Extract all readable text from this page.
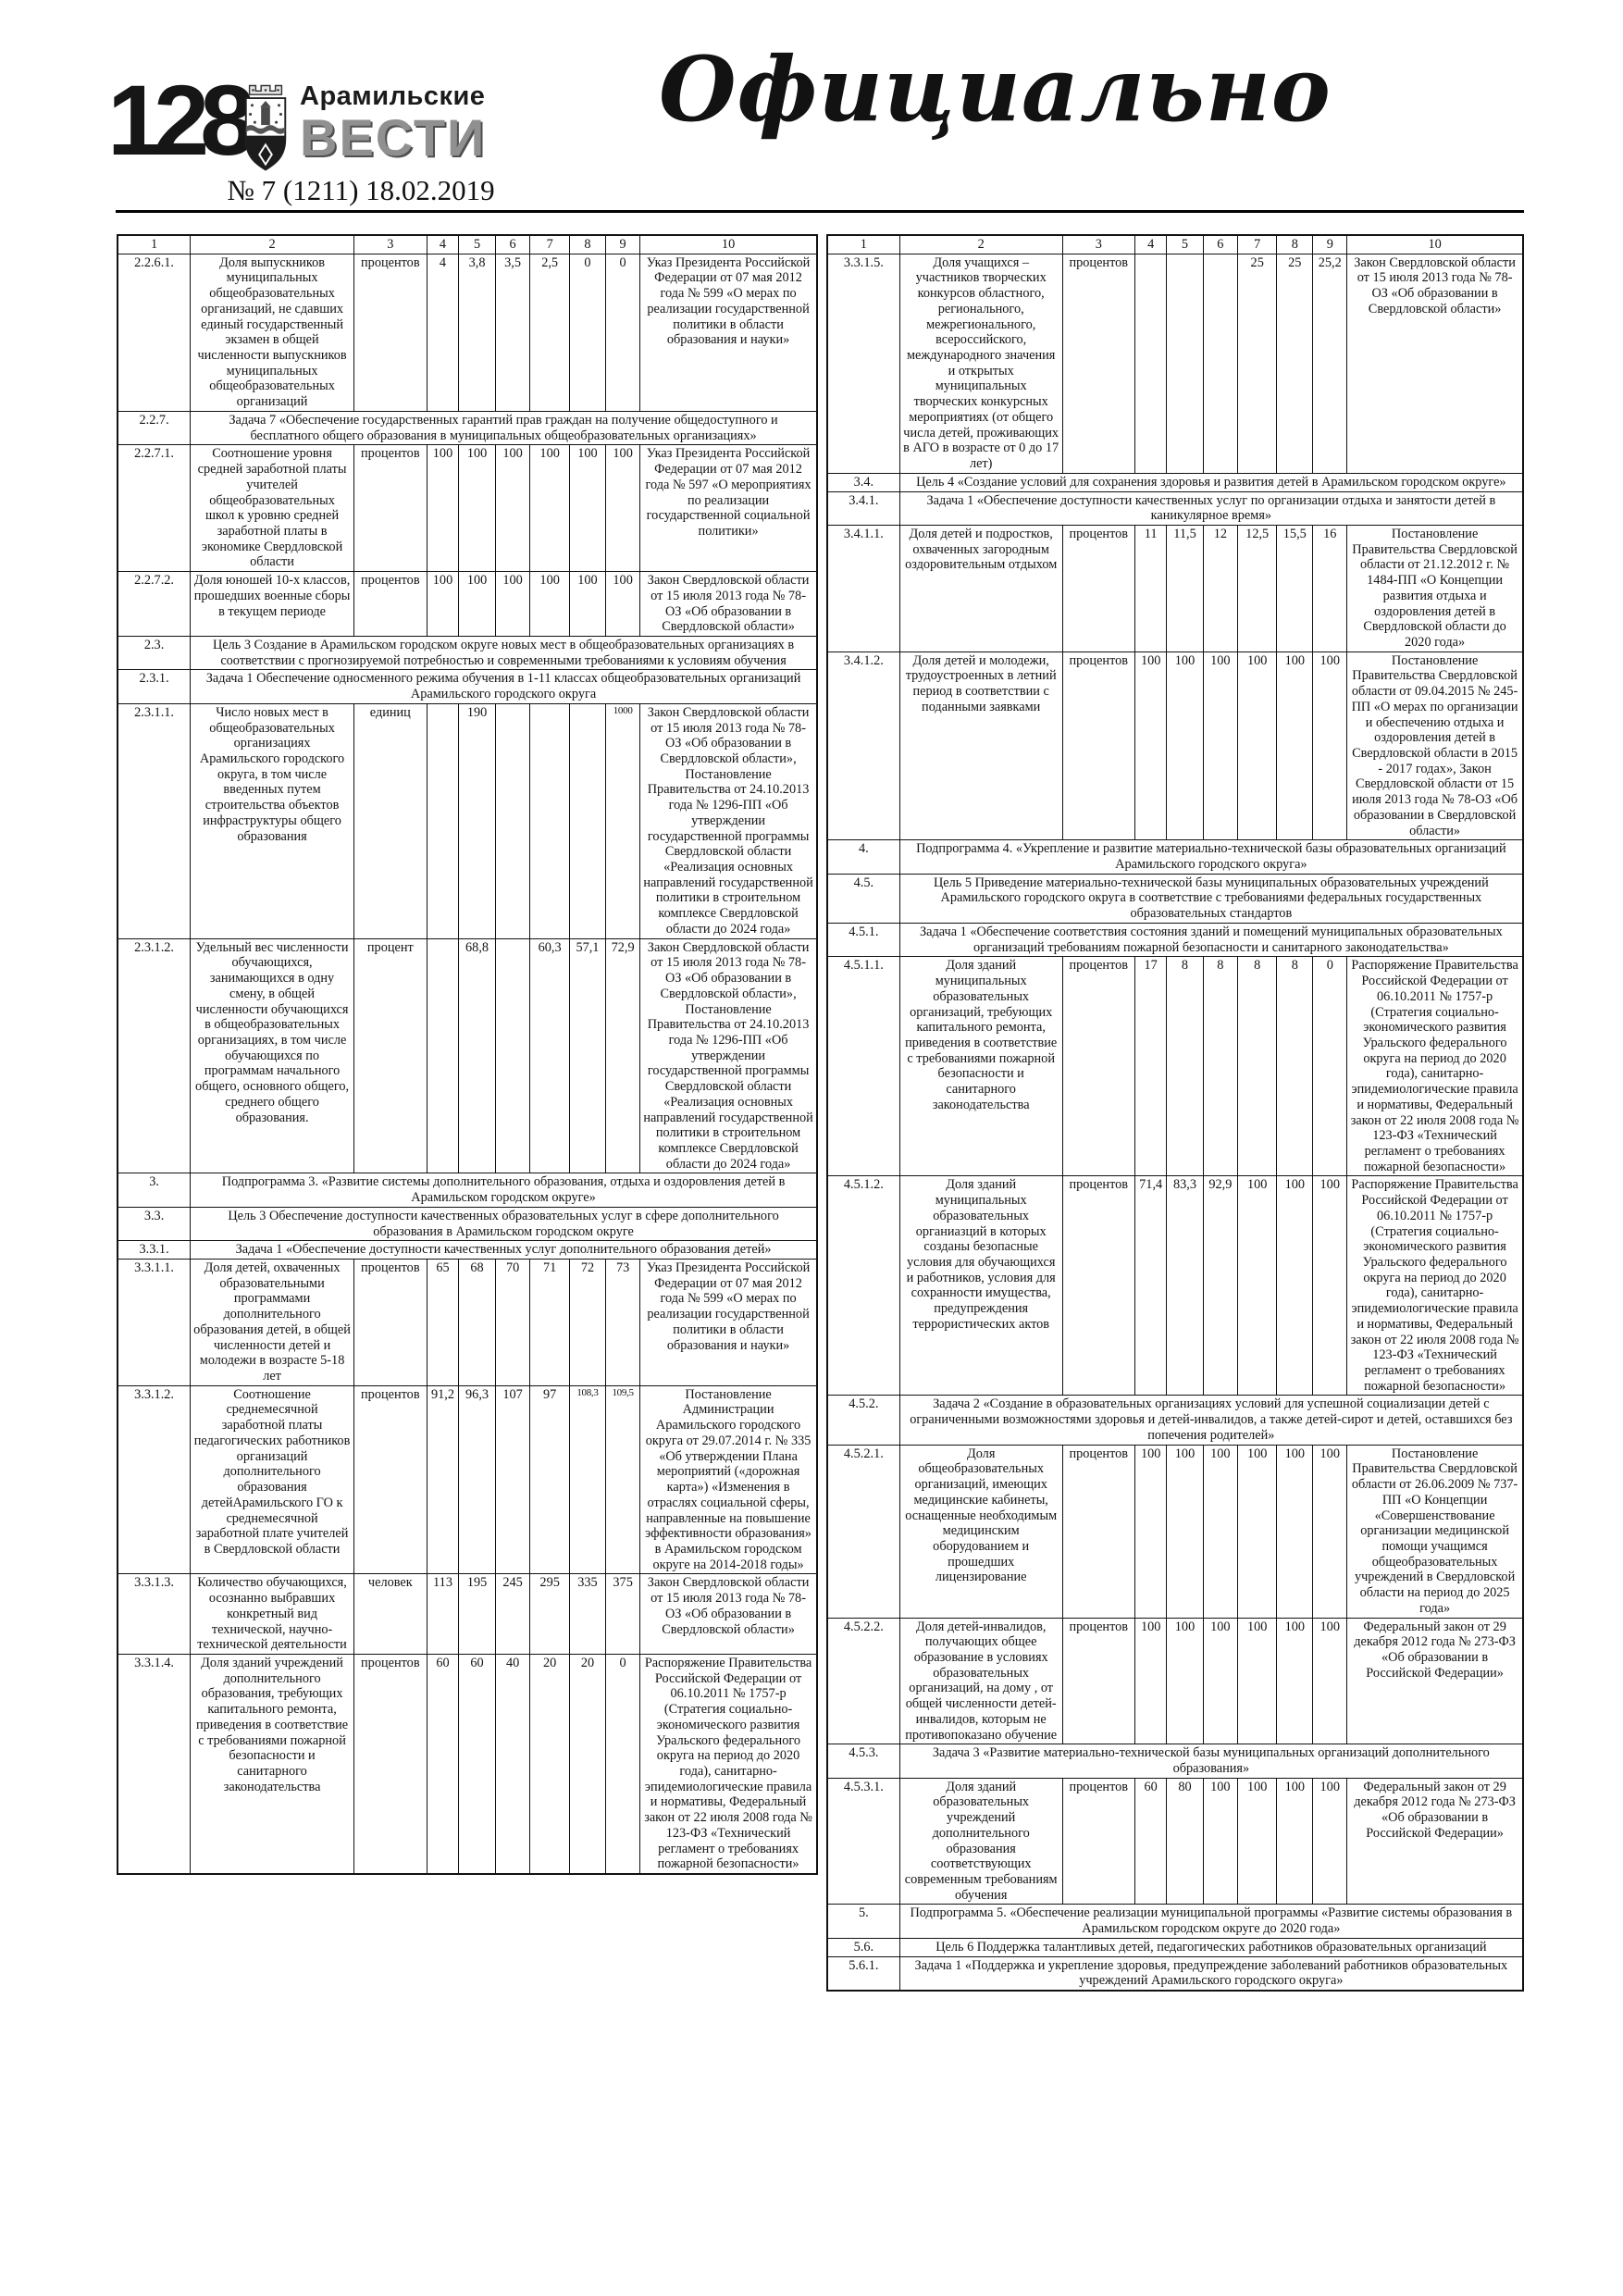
128 Арамильские
ВЕСТИ
№ 7 (1211) 18.02.2019
Официально
1	2	3	4	5	6	7	8	9	10
2.2.6.1.	Доля выпускников муниципальных общеобразовательных организаций, не сдавших единый государственный экзамен в общей численности выпускников муниципальных общеобразовательных организаций	процентов	4	3,8	3,5	2,5	0	0	Указ Президента Российской Федерации от 07 мая 2012 года № 599 «О мерах по реализации государственной политики в области образования и науки»
2.2.7.	Задача 7 «Обеспечение государственных гарантий прав граждан на получение общедоступного и бесплатного общего образования в муниципальных общеобразовательных организациях»								
2.2.7.1.	Соотношение уровня средней заработной платы учителей общеобразовательных школ к уровню средней заработной платы в экономике Свердловской области	процентов	100	100	100	100	100	100	Указ Президента Российской Федерации от 07 мая 2012 года № 597 «О мероприятиях по реализации государственной социальной политики»
2.2.7.2.	Доля юношей 10-х классов, прошедших военные сборы в текущем периоде	процентов	100	100	100	100	100	100	Закон Свердловской области от 15 июля 2013 года № 78-ОЗ «Об образовании в Свердловской области»
2.3.	Цель 3 Создание в Арамильском городском округе новых мест в общеобразовательных организациях в соответствии с прогнозируемой потребностью и современными требованиями к условиям обучения								
2.3.1.	Задача 1 Обеспечение односменного режима обучения в 1-11 классах общеобразовательных организаций Арамильского городского округа								
2.3.1.1.	Число новых мест в общеобразовательных организациях Арамильского городского округа, в том числе введенных путем строительства объектов инфраструктуры общего образования	единиц		190				1000	Закон Свердловской области от 15 июля 2013 года № 78-ОЗ «Об образовании в Свердловской области», Постановление Правительства от 24.10.2013 года № 1296-ПП «Об утверждении государственной программы Свердловской области «Реализация основных направлений государственной политики в строительном комплексе Свердловской области до 2024 года»
2.3.1.2.	Удельный вес численности обучающихся, занимающихся в одну смену, в общей численности обучающихся в общеобразовательных организациях, в том числе обучающихся по программам начального общего, основного общего, среднего общего образования.	процент		68,8		60,3	57,1	72,9	Закон Свердловской области от 15 июля 2013 года № 78-ОЗ «Об образовании в Свердловской области», Постановление Правительства от 24.10.2013 года № 1296-ПП «Об утверждении государственной программы Свердловской области «Реализация основных направлений государственной политики в строительном комплексе Свердловской области до 2024 года»
3.	Подпрограмма 3. «Развитие системы дополнительного образования, отдыха и оздоровления детей в Арамильском городском округе»								
3.3.	Цель 3 Обеспечение доступности качественных образовательных услуг в сфере дополнительного образования в Арамильском городском округе								
3.3.1.	Задача 1 «Обеспечение доступности качественных услуг дополнительного образования детей»								
3.3.1.1.	Доля детей, охваченных образовательными программами дополнительного образования детей, в общей численности детей и молодежи в возрасте 5-18 лет	процентов	65	68	70	71	72	73	Указ Президента Российской Федерации от 07 мая 2012 года № 599 «О мерах по реализации государственной политики в области образования и науки»
3.3.1.2.	Соотношение среднемесячной заработной платы педагогических работников организаций дополнительного образования детейАрамильского ГО к среднемесячной заработной плате учителей в Свердловской области	процентов	91,2	96,3	107	97	108,3	109,5	Постановление Администрации Арамильского городского округа от 29.07.2014 г. № 335 «Об утверждении Плана мероприятий («дорожная карта») «Изменения в отраслях социальной сферы, направленные на повышение эффективности образования» в Арамильском городском округе на 2014-2018 годы»
3.3.1.3.	Количество обучающихся, осознанно выбравших конкретный вид технической, научно-технической деятельности	человек	113	195	245	295	335	375	Закон Свердловской области от 15 июля 2013 года № 78-ОЗ «Об образовании в Свердловской области»
3.3.1.4.	Доля зданий учреждений дополнительного образования, требующих капитального ремонта, приведения в соответствие с требованиями пожарной безопасности и санитарного законодательства	процентов	60	60	40	20	20	0	Распоряжение Правительства Российской Федерации от 06.10.2011 № 1757-р (Стратегия социально-экономического развития Уральского федерального округа на период до 2020 года), санитарно-эпидемиологические правила и нормативы, Федеральный закон от 22 июля 2008 года № 123-ФЗ «Технический регламент о требованиях пожарной безопасности»
1	2	3	4	5	6	7	8	9	10
3.3.1.5.	Доля учащихся – участников творческих конкурсов областного, регионального, межрегионального, всероссийского, международного значения и открытых муниципальных творческих конкурсных мероприятиях (от общего числа детей, проживающих в АГО в возрасте от 0 до 17 лет)	процентов				25	25	25,2	Закон Свердловской области от 15 июля 2013 года № 78-ОЗ «Об образовании в Свердловской области»
3.4.	Цель 4 «Создание условий для сохранения здоровья и развития детей в Арамильском городском округе»								
3.4.1.	Задача 1 «Обеспечение доступности качественных услуг по организации отдыха и занятости детей в каникулярное время»								
3.4.1.1.	Доля детей и подростков, охваченных загородным оздоровительным отдыхом	процентов	11	11,5	12	12,5	15,5	16	Постановление Правительства Свердловской области от 21.12.2012 г. № 1484-ПП «О Концепции развития отдыха и оздоровления детей в Свердловской области до 2020 года»
3.4.1.2.	Доля детей и молодежи, трудоустроенных в летний период в соответствии с поданными заявками	процентов	100	100	100	100	100	100	Постановление Правительства Свердловской области от 09.04.2015 № 245-ПП «О мерах по организации и обеспечению отдыха и оздоровления детей в Свердловской области в 2015 - 2017 годах», Закон Свердловской области от 15 июля 2013 года № 78-ОЗ «Об образовании в Свердловской области»
4.	Подпрограмма 4. «Укрепление и развитие материально-технической базы образовательных организаций Арамильского городского округа»								
4.5.	Цель 5 Приведение материально-технической базы муниципальных образовательных учреждений Арамильского городского округа в соответствие с требованиями федеральных государственных образовательных стандартов								
4.5.1.	Задача 1 «Обеспечение соответствия состояния зданий и помещений муниципальных образовательных организаций требованиям пожарной безопасности и санитарного законодательства»								
4.5.1.1.	Доля зданий муниципальных образовательных организаций, требующих капитального ремонта, приведения в соответствие с требованиями пожарной безопасности и санитарного законодательства	процентов	17	8	8	8	8	0	Распоряжение Правительства Российской Федерации от 06.10.2011 № 1757-р (Стратегия социально-экономического развития Уральского федерального округа на период до 2020 года), санитарно-эпидемиологические правила и нормативы, Федеральный закон от 22 июля 2008 года № 123-ФЗ «Технический регламент о требованиях пожарной безопасности»
4.5.1.2.	Доля зданий муниципальных образовательных органиазций в которых созданы безопасные условия для обучающихся и работников, условия для сохранности имущества, предупреждения террористических актов	процентов	71,4	83,3	92,9	100	100	100	Распоряжение Правительства Российской Федерации от 06.10.2011 № 1757-р (Стратегия социально-экономического развития Уральского федерального округа на период до 2020 года), санитарно-эпидемиологические правила и нормативы, Федеральный закон от 22 июля 2008 года № 123-ФЗ «Технический регламент о требованиях пожарной безопасности»
4.5.2.	Задача 2 «Создание в образовательных организациях условий для успешной социализации детей с ограниченными возможностями здоровья и детей-инвалидов, а также детей-сирот и детей, оставшихся без попечения родителей»								
4.5.2.1.	Доля общеобразовательных организаций, имеющих медицинские кабинеты, оснащенные необходимым медицинским оборудованием и прошедших лицензирование	процентов	100	100	100	100	100	100	Постановление Правительства Свердловской области от 26.06.2009 № 737-ПП «О Концепции «Совершенствование организации медицинской помощи учащимся общеобразовательных учреждений в Свердловской области на период до 2025 года»
4.5.2.2.	Доля детей-инвалидов, получающих общее образование в условиях образовательных организаций, на дому , от общей численности детей-инвалидов, которым не противопоказано обучение	процентов	100	100	100	100	100	100	Федеральный закон от 29 декабря 2012 года № 273-ФЗ «Об образовании в Российской Федерации»
4.5.3.	Задача 3 «Развитие материально-технической базы муниципальных организаций дополнительного образования»								
4.5.3.1.	Доля зданий образовательных учреждений дополнительного образования соответствующих современным требованиям обучения	процентов	60	80	100	100	100	100	Федеральный закон от 29 декабря 2012 года № 273-ФЗ «Об образовании в Российской Федерации»
5.	Подпрограмма 5. «Обеспечение реализации муниципальной программы «Развитие системы образования в Арамильском городском округе до 2020 года»								
5.6.	Цель 6 Поддержка талантливых детей, педагогических работников образовательных организаций								
5.6.1.	Задача 1 «Поддержка и укрепление здоровья, предупреждение заболеваний работников образовательных учреждений Арамильского городского округа»								
